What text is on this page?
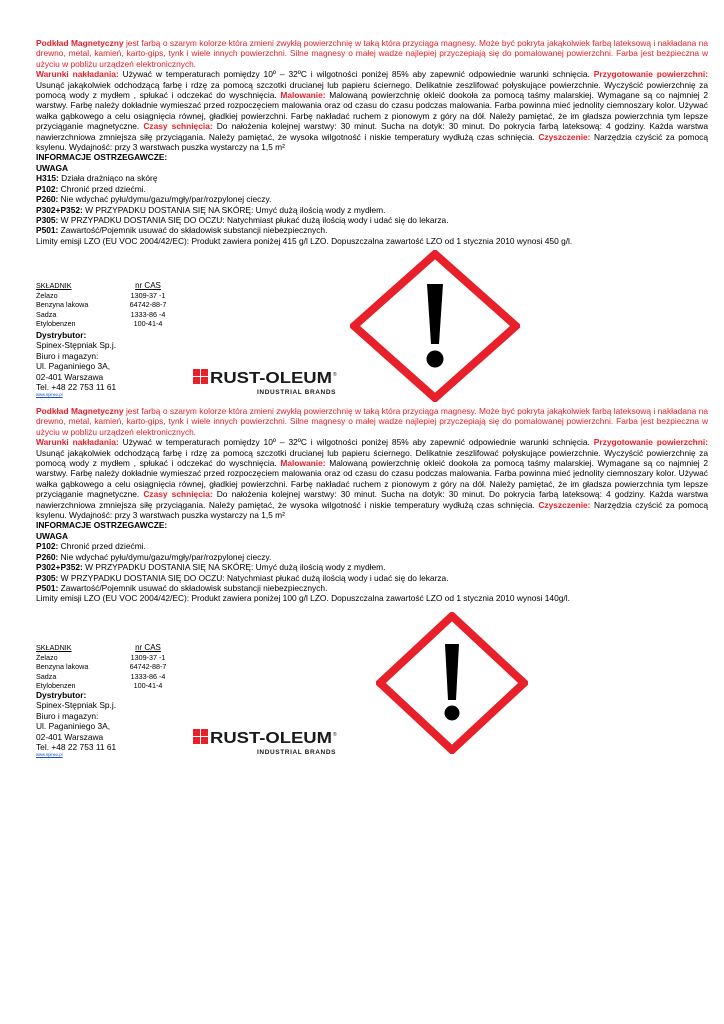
Podkład Magnetyczny jest farbą o szarym kolorze która zmieni zwykłą powierzchnię w taką która przyciąga magnesy. Może być pokryta jakąkolwiek farbą lateksową i nakładana na drewno, metal, kamień, karto-gips, tynk i wiele innych powierzchni. Silne magnesy o małej wadze najlepiej przyczepiają się do pomalowanej powierzchni. Farba jest bezpieczna w użyciu w pobliżu urządzeń elektronicznych.
Warunki nakładania: Używać w temperaturach pomiędzy 10º – 32ºC i wilgotności poniżej 85% aby zapewnić odpowiednie warunki schnięcia. Przygotowanie powierzchni: Usunąć jakąkolwiek odchodzącą farbę i rdzę za pomocą szczotki drucianej lub papieru ściernego. Delikatnie zeszlifować połyskujące powierzchnie. Wyczyścić powierzchnię za pomocą wody z mydłem , spłukać i odczekać do wyschnięcia. Malowanie: Malowaną powierzchnię okleić dookoła za pomocą taśmy malarskiej. Wymagane są co najmniej 2 warstwy. Farbę należy dokładnie wymieszać przed rozpoczęciem malowania oraz od czasu do czasu podczas malowania. Farba powinna mieć jednolity ciemnoszary kolor. Używać wałka gąbkowego a celu osiągnięcia równej, gładkiej powierzchni. Farbę nakładać ruchem z pionowym z góry na dół. Należy pamiętać, że im gładsza powierzchnia tym lepsze przyciąganie magnetyczne. Czasy schnięcia: Do nałożenia kolejnej warstwy: 30 minut. Sucha na dotyk: 30 minut. Do pokrycia farbą lateksową: 4 godziny. Każda warstwa nawierzchniowa zmniejsza siłę przyciągania. Należy pamiętać, że wysoka wilgotność i niskie temperatury wydłużą czas schnięcia. Czyszczenie: Narzędzia czyścić za pomocą ksylenu. Wydajność: przy 3 warstwach puszka wystarczy na 1,5 m²
INFORMACJE OSTRZEGAWCZE:
UWAGA
H315: Działa drażniąco na skórę
P102: Chronić przed dziećmi.
P260: Nie wdychać pyłu/dymu/gazu/mgły/par/rozpylonej cieczy.
P302+P352: W PRZYPADKU DOSTANIA SIĘ NA SKÓRĘ: Umyć dużą ilością wody z mydłem.
P305: W PRZYPADKU DOSTANIA SIĘ DO OCZU: Natychmiast płukać dużą ilością wody i udać się do lekarza.
P501: Zawartość/Pojemnik usuwać do składowisk substancji niebezpiecznych.
Limity emisji LZO (EU VOC 2004/42/EC): Produkt zawiera poniżej 415 g/l LZO. Dopuszczalna zawartość LZO od 1 stycznia 2010 wynosi 450 g/l.
SKŁADNIK	nr CAS
Żelazo	1309-37 -1
Benzyna lakowa	64742-88-7
Sadza	1333-86 -4
Etylobenzen	100-41-4
Dystrybutor:
Spinex-Stępniak Sp.j.
Biuro i magazyn:
Ul. Paganiniego 3A,
02-401 Warszawa
Tel. +48 22 753 11 61
www.spinex.pl
RUST-OLEUM ®
INDUSTRIAL BRANDS
Podkład Magnetyczny jest farbą o szarym kolorze która zmieni zwykłą powierzchnię w taką która przyciąga magnesy. Może być pokryta jakąkolwiek farbą lateksową i nakładana na drewno, metal, kamień, karto-gips, tynk i wiele innych powierzchni. Silne magnesy o małej wadze najlepiej przyczepiają się do pomalowanej powierzchni. Farba jest bezpieczna w użyciu w pobliżu urządzeń elektronicznych.
Warunki nakładania: Używać w temperaturach pomiędzy 10º – 32ºC i wilgotności poniżej 85% aby zapewnić odpowiednie warunki schnięcia. Przygotowanie powierzchni: Usunąć jakąkolwiek odchodzącą farbę i rdzę za pomocą szczotki drucianej lub papieru ściernego. Delikatnie zeszlifować połyskujące powierzchnie. Wyczyścić powierzchnię za pomocą wody z mydłem , spłukać i odczekać do wyschnięcia. Malowanie: Malowaną powierzchnię okleić dookoła za pomocą taśmy malarskiej. Wymagane są co najmniej 2 warstwy. Farbę należy dokładnie wymieszać przed rozpoczęciem malowania oraz od czasu do czasu podczas malowania. Farba powinna mieć jednolity ciemnoszary kolor. Używać wałka gąbkowego a celu osiągnięcia równej, gładkiej powierzchni. Farbę nakładać ruchem z pionowym z góry na dół. Należy pamiętać, że im gładsza powierzchnia tym lepsze przyciąganie magnetyczne. Czasy schnięcia: Do nałożenia kolejnej warstwy: 30 minut. Sucha na dotyk: 30 minut. Do pokrycia farbą lateksową: 4 godziny. Każda warstwa nawierzchniowa zmniejsza siłę przyciągania. Należy pamiętać, że wysoka wilgotność i niskie temperatury wydłużą czas schnięcia. Czyszczenie: Narzędzia czyścić za pomocą ksylenu. Wydajność: przy 3 warstwach puszka wystarczy na 1,5 m²
INFORMACJE OSTRZEGAWCZE:
UWAGA
P102: Chronić przed dziećmi.
P260: Nie wdychać pyłu/dymu/gazu/mgły/par/rozpylonej cieczy.
P302+P352: W PRZYPADKU DOSTANIA SIĘ NA SKÓRĘ: Umyć dużą ilością wody z mydłem.
P305: W PRZYPADKU DOSTANIA SIĘ DO OCZU: Natychmiast płukać dużą ilością wody i udać się do lekarza.
P501: Zawartość/Pojemnik usuwać do składowisk substancji niebezpiecznych.
Limity emisji LZO (EU VOC 2004/42/EC): Produkt zawiera poniżej 100 g/l LZO. Dopuszczalna zawartość LZO od 1 stycznia 2010 wynosi 140g/l.
SKŁADNIK	nr CAS
Żelazo	1309-37 -1
Benzyna lakowa	64742-88-7
Sadza	1333-86 -4
Etylobenzen	100-41-4
Dystrybutor:
Spinex-Stępniak Sp.j.
Biuro i magazyn:
Ul. Paganiniego 3A,
02-401 Warszawa
Tel. +48 22 753 11 61
www.spinex.pl
RUST-OLEUM ®
INDUSTRIAL BRANDS
